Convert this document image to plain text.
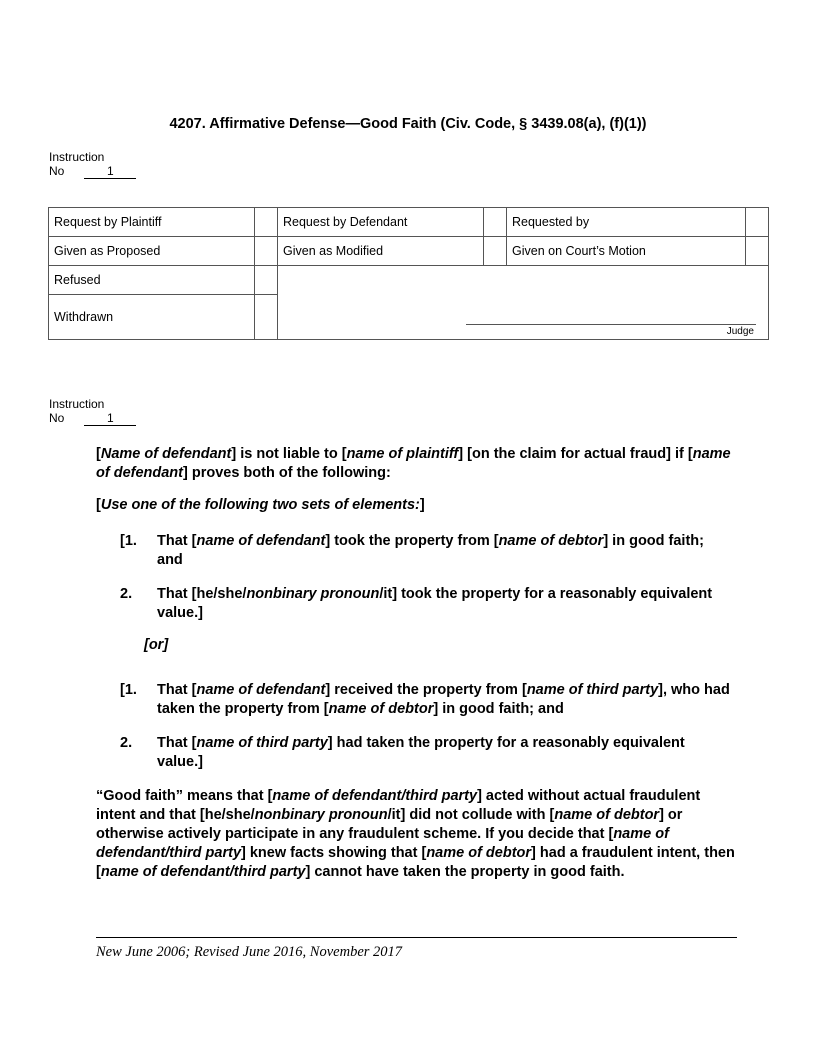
4207. Affirmative Defense—Good Faith (Civ. Code, § 3439.08(a), (f)(1))
Instruction
No	1
Request by Plaintiff		Request by Defendant		Requested by	
Given as Proposed		Given as Modified		Given on Court’s Motion	
Refused		Judge			

Withdrawn					
Instruction
No	1
[Name of defendant] is not liable to [name of plaintiff] [on the claim for actual fraud] if [name of defendant] proves both of the following:
[Use one of the following two sets of elements:]
[1. That [name of defendant] took the property from [name of debtor] in good faith; and
2. That [he/she/nonbinary pronoun/it] took the property for a reasonably equivalent value.]
[or]
[1. That [name of defendant] received the property from [name of third party], who had taken the property from [name of debtor] in good faith; and
2. That [name of third party] had taken the property for a reasonably equivalent value.]
“Good faith” means that [name of defendant/third party] acted without actual fraudulent intent and that [he/she/nonbinary pronoun/it] did not collude with [name of debtor] or otherwise actively participate in any fraudulent scheme. If you decide that [name of defendant/third party] knew facts showing that [name of debtor] had a fraudulent intent, then [name of defendant/third party] cannot have taken the property in good faith.
New June 2006; Revised June 2016, November 2017
